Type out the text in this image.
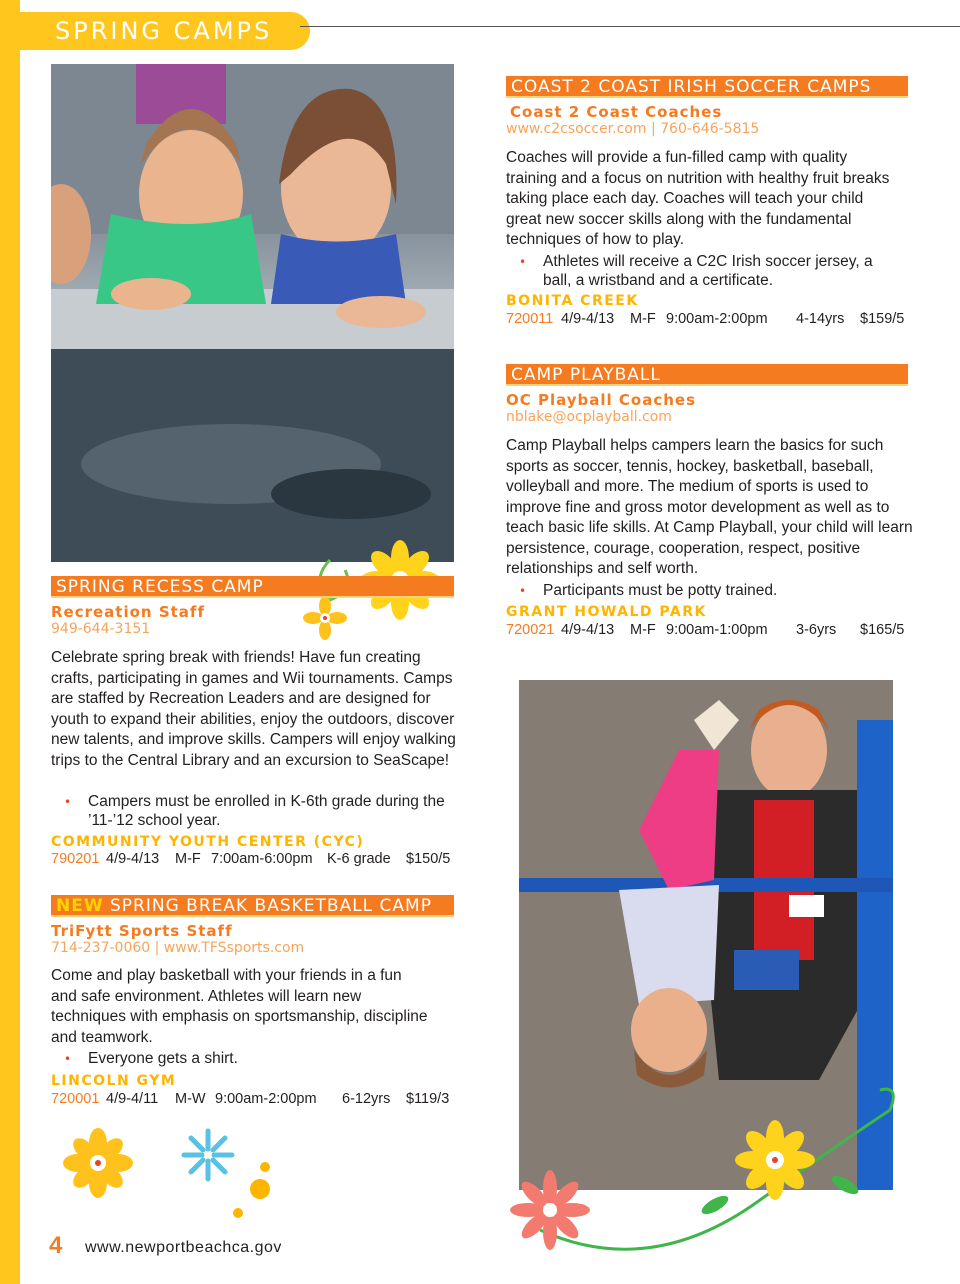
SPRING CAMPS
SPRING RECESS CAMP
Recreation Staff
949-644-3151
Celebrate spring break with friends! Have fun creating crafts, participating in games and Wii tournaments. Camps are staffed by Recreation Leaders and are designed for youth to expand their abilities, enjoy the outdoors, discover new talents, and improve skills. Campers will enjoy walking trips to the Central Library and an excursion to SeaScape!
• Campers must be enrolled in K-6th grade during the ’11-’12 school year.
COMMUNITY YOUTH CENTER (CYC)
790201 4/9-4/13 M-F 7:00am-6:00pm K-6 grade $150/5
NEW SPRING BREAK BASKETBALL CAMP
TriFytt Sports Staff
714-237-0060 | www.TFSsports.com
Come and play basketball with your friends in a fun and safe environment. Athletes will learn new techniques with emphasis on sportsmanship, discipline and teamwork.
• Everyone gets a shirt.
LINCOLN GYM
720001 4/9-4/11 M-W 9:00am-2:00pm 6-12yrs $119/3
COAST 2 COAST IRISH SOCCER CAMPS
Coast 2 Coast Coaches
www.c2csoccer.com | 760-646-5815
Coaches will provide a fun-filled camp with quality training and a focus on nutrition with healthy fruit breaks taking place each day. Coaches will teach your child great new soccer skills along with the fundamental techniques of how to play.
• Athletes will receive a C2C Irish soccer jersey, a ball, a wristband and a certificate.
BONITA CREEK
720011 4/9-4/13 M-F 9:00am-2:00pm 4-14yrs $159/5
CAMP PLAYBALL
OC Playball Coaches
nblake@ocplayball.com
Camp Playball helps campers learn the basics for such sports as soccer, tennis, hockey, basketball, baseball, volleyball and more. The medium of sports is used to improve fine and gross motor development as well as to teach basic life skills. At Camp Playball, your child will learn persistence, courage, cooperation, respect, positive relationships and self worth.
• Participants must be potty trained.
GRANT HOWALD PARK
720021 4/9-4/13 M-F 9:00am-1:00pm 3-6yrs $165/5
4 www.newportbeachca.gov
